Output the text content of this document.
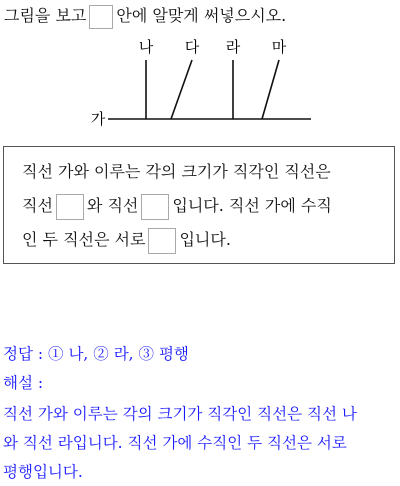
그림을 보고 안에 알맞게 써넣으시오.
나 다 라 마
가
직선 가와 이루는 각의 크기가 직각인 직선은
직선 와 직선 입니다. 직선 가에 수직
인 두 직선은 서로 입니다.
정답 : ① 나, ② 라, ③ 평행
해설 :
직선 가와 이루는 각의 크기가 직각인 직선은 직선 나
와 직선 라입니다. 직선 가에 수직인 두 직선은 서로
평행입니다.
